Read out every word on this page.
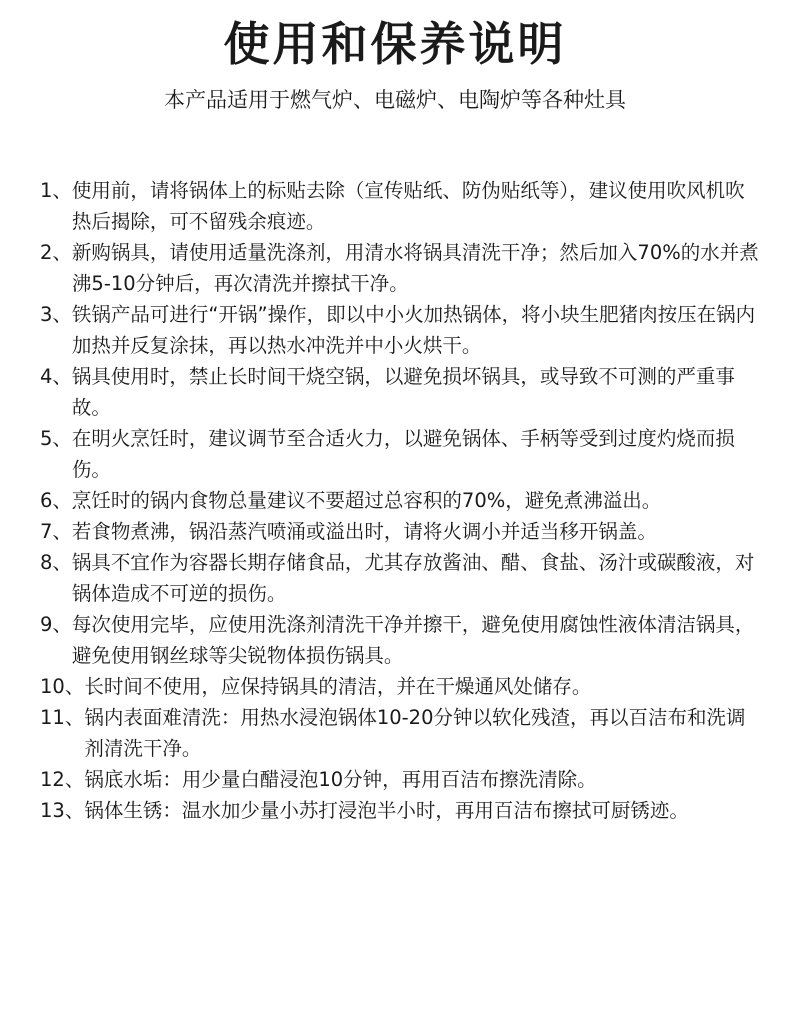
使用和保养说明
本产品适用于燃气炉、电磁炉、电陶炉等各种灶具
1、 使用前，请将锅体上的标贴去除（宣传贴纸、防伪贴纸等），建议使用吹风机吹热后揭除，可不留残余痕迹。
2、 新购锅具，请使用适量洗涤剂，用清水将锅具清洗干净；然后加入70%的水并煮沸5-10分钟后，再次清洗并擦拭干净。
3、 铁锅产品可进行“开锅”操作，即以中小火加热锅体，将小块生肥猪肉按压在锅内加热并反复涂抹，再以热水冲洗并中小火烘干。
4、 锅具使用时，禁止长时间干烧空锅，以避免损坏锅具，或导致不可测的严重事故。
5、 在明火烹饪时，建议调节至合适火力，以避免锅体、手柄等受到过度灼烧而损伤。
6、 烹饪时的锅内食物总量建议不要超过总容积的70%，避免煮沸溢出。
7、 若食物煮沸，锅沿蒸汽喷涌或溢出时，请将火调小并适当移开锅盖。
8、 锅具不宜作为容器长期存储食品，尤其存放酱油、醋、食盐、汤汁或碳酸液，对锅体造成不可逆的损伤。
9、 每次使用完毕，应使用洗涤剂清洗干净并擦干，避免使用腐蚀性液体清洁锅具，避免使用钢丝球等尖锐物体损伤锅具。
10、 长时间不使用，应保持锅具的清洁，并在干燥通风处储存。
11、 锅内表面难清洗：用热水浸泡锅体10-20分钟以软化残渣，再以百洁布和洗调剂清洗干净。
12、 锅底水垢：用少量白醋浸泡10分钟，再用百洁布擦洗清除。
13、 锅体生锈：温水加少量小苏打浸泡半小时，再用百洁布擦拭可厨锈迹。
